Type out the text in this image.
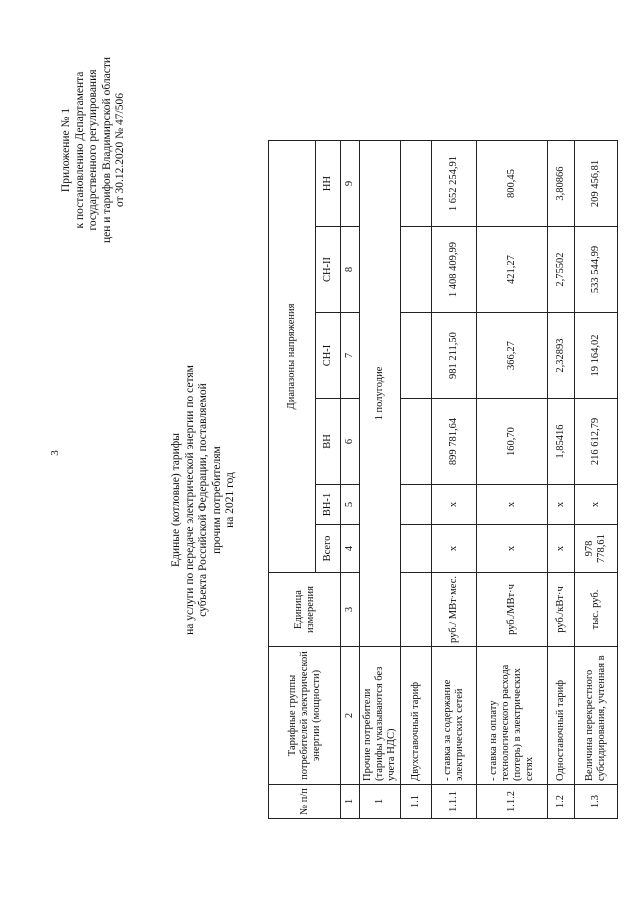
3
Приложение № 1 к постановлению Департамента государственного регулирования цен и тарифов Владимирской области от 30.12.2020 № 47/506
Единые (котловые) тарифы на услуги по передаче электрической энергии по сетям субъекта Российской Федерации, поставляемой прочим потребителям на 2021 год
№ п/п	Тарифные группы потребителей электрической энергии (мощности)	Единица измерения	Диапазоны напряжения					
			Всего	ВН-1	ВН	СН-I	СН-II	НН
1	2	3	4	5	6	7	8	9
1	Прочие потребители (тарифы указываются без учета НДС)	1 полугодие						
1.1	Двухставочный тариф							
1.1.1	- ставка за содержание электрических сетей	руб./ МВт·мес.	x	x	899 781,64	981 211,50	1 408 409,99	1 652 254,91
1.1.2	- ставка на оплату технологического расхода (потерь) в электрических сетях	руб./МВт·ч	x	x	160,70	366,27	421,27	800,45
1.2	Одноставочный тариф	руб./кВт·ч	x	x	1,85416	2,32893	2,75502	3,80866
1.3	Величина перекрестного субсидирования, учтенная в	тыс. руб.	978 778,61	x	216 612,79	19 164,02	533 544,99	209 456,81
